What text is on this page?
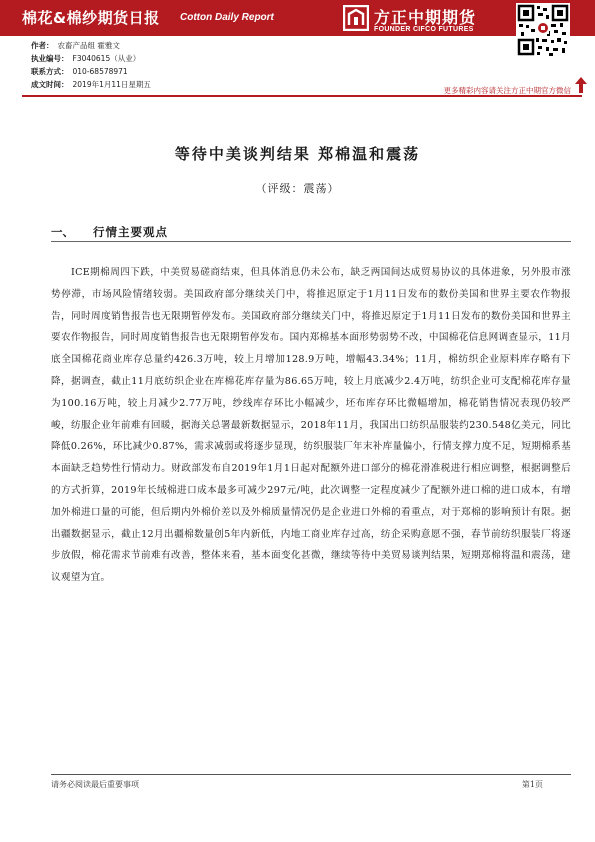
棉花&棉纱期货日报 Cotton Daily Report	方正中期期货
FOUNDER CIFCO FUTURES
作者： 农畜产品组 霍雅文
执业编号： F3040615（从业）
联系方式： 010-68578971
成文时间： 2019年1月11日星期五
更多精彩内容请关注方正中期官方微信
等待中美谈判结果 郑棉温和震荡
（评级：震荡）
一、 行情主要观点
ICE期棉周四下跌，中美贸易磋商结束，但具体消息仍未公布，缺乏两国间达成贸易协议的具体进象，另外股市涨势停滞，市场风险情绪较弱。美国政府部分继续关门中，将推迟原定于1月11日发布的数份美国和世界主要农作物报告，同时周度销售报告也无限期暂停发布。美国政府部分继续关门中，将推迟原定于1月11日发布的数份美国和世界主要农作物报告，同时周度销售报告也无限期暂停发布。国内郑棉基本面形势弱势不改，中国棉花信息网调查显示，11月底全国棉花商业库存总量约426.3万吨，较上月增加128.9万吨，增幅43.34%；11月，棉纺织企业原料库存略有下降，据调查，截止11月底纺织企业在库棉花库存量为86.65万吨，较上月底减少2.4万吨，纺织企业可支配棉花库存量为100.16万吨，较上月减少2.77万吨，纱线库存环比小幅减少，坯布库存环比微幅增加，棉花销售情况表现仍较严峻，纺服企业年前难有回暖，据海关总署最新数据显示，2018年11月，我国出口纺织品服装约230.548亿美元，同比降低0.26%，环比减少0.87%，需求减弱或将逐步显现，纺织服装厂年末补库量偏小，行情支撑力度不足，短期棉系基本面缺乏趋势性行情动力。财政部发布自2019年1月1日起对配额外进口部分的棉花滑准税进行相应调整，根据调整后的方式折算，2019年长绒棉进口成本最多可减少297元/吨，此次调整一定程度减少了配额外进口棉的进口成本，有增加外棉进口量的可能，但后期内外棉价差以及外棉质量情况仍是企业进口外棉的看重点，对于郑棉的影响预计有限。据出疆数据显示，截止12月出疆棉数量创5年内新低，内地工商业库存过高，纺企采购意愿不强，春节前纺织服装厂将逐步放假，棉花需求节前难有改善，整体来看，基本面变化甚微，继续等待中美贸易谈判结果，短期郑棉将温和震荡，建议观望为宜。
请务必阅读最后重要事项	第1页
